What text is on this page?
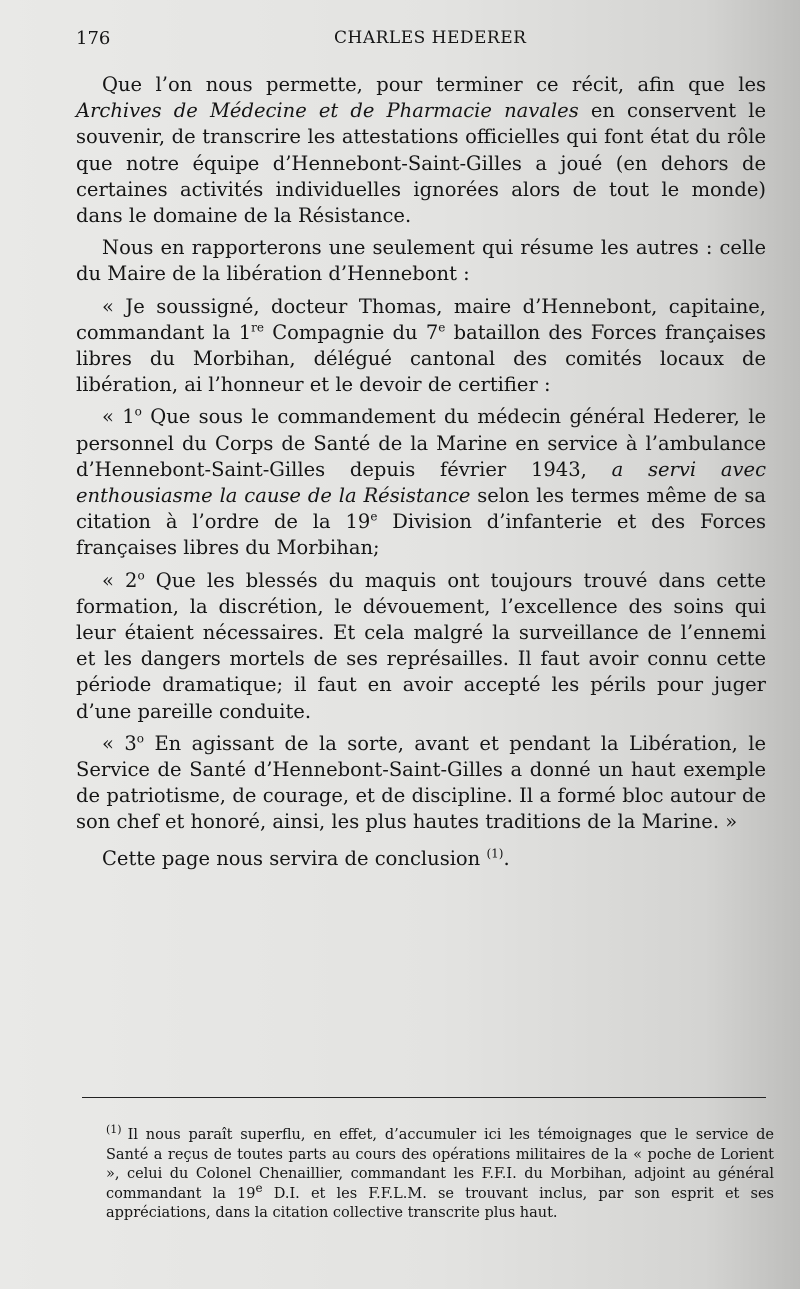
176	CHARLES HEDERER

Que l’on nous permette, pour terminer ce récit, afin que les Archives de Médecine et de Pharmacie navales en conservent le souvenir, de transcrire les attestations officielles qui font état du rôle que notre équipe d’Hennebont-Saint-Gilles a joué (en dehors de certaines activités individuelles ignorées alors de tout le monde) dans le domaine de la Résistance.

Nous en rapporterons une seulement qui résume les autres : celle du Maire de la libération d’Hennebont :

« Je soussigné, docteur Thomas, maire d’Hennebont, capitaine, commandant la 1re Compagnie du 7e bataillon des Forces françaises libres du Morbihan, délégué cantonal des comités locaux de libération, ai l’honneur et le devoir de certifier :

« 1$^o$ Que sous le commandement du médecin général Hederer, le personnel du Corps de Santé de la Marine en service à l’ambulance d’Hennebont-Saint-Gilles depuis février 1943, a servi avec enthousiasme la cause de la Résistance selon les termes même de sa citation à l’ordre de la 19e Division d’infanterie et des Forces françaises libres du Morbihan;

« 2$^o$ Que les blessés du maquis ont toujours trouvé dans cette formation, la discrétion, le dévouement, l’excellence des soins qui leur étaient nécessaires. Et cela malgré la surveillance de l’ennemi et les dangers mortels de ses représailles. Il faut avoir connu cette période dramatique; il faut en avoir accepté les périls pour juger d’une pareille conduite.

« 3$^o$ En agissant de la sorte, avant et pendant la Libération, le Service de Santé d’Hennebont-Saint-Gilles a donné un haut exemple de patriotisme, de courage, et de discipline. Il a formé bloc autour de son chef et honoré, ainsi, les plus hautes traditions de la Marine. »

Cette page nous servira de conclusion $^{(1)}$.

$^{(1)}$ Il nous paraît superflu, en effet, d’accumuler ici les témoignages que le service de Santé a reçus de toutes parts au cours des opérations militaires de la « poche de Lorient », celui du Colonel Chenaillier, commandant les F.F.I. du Morbihan, adjoint au général commandant la 19e D.I. et les F.F.L.M. se trouvant inclus, par son esprit et ses appréciations, dans la citation collective transcrite plus haut.
